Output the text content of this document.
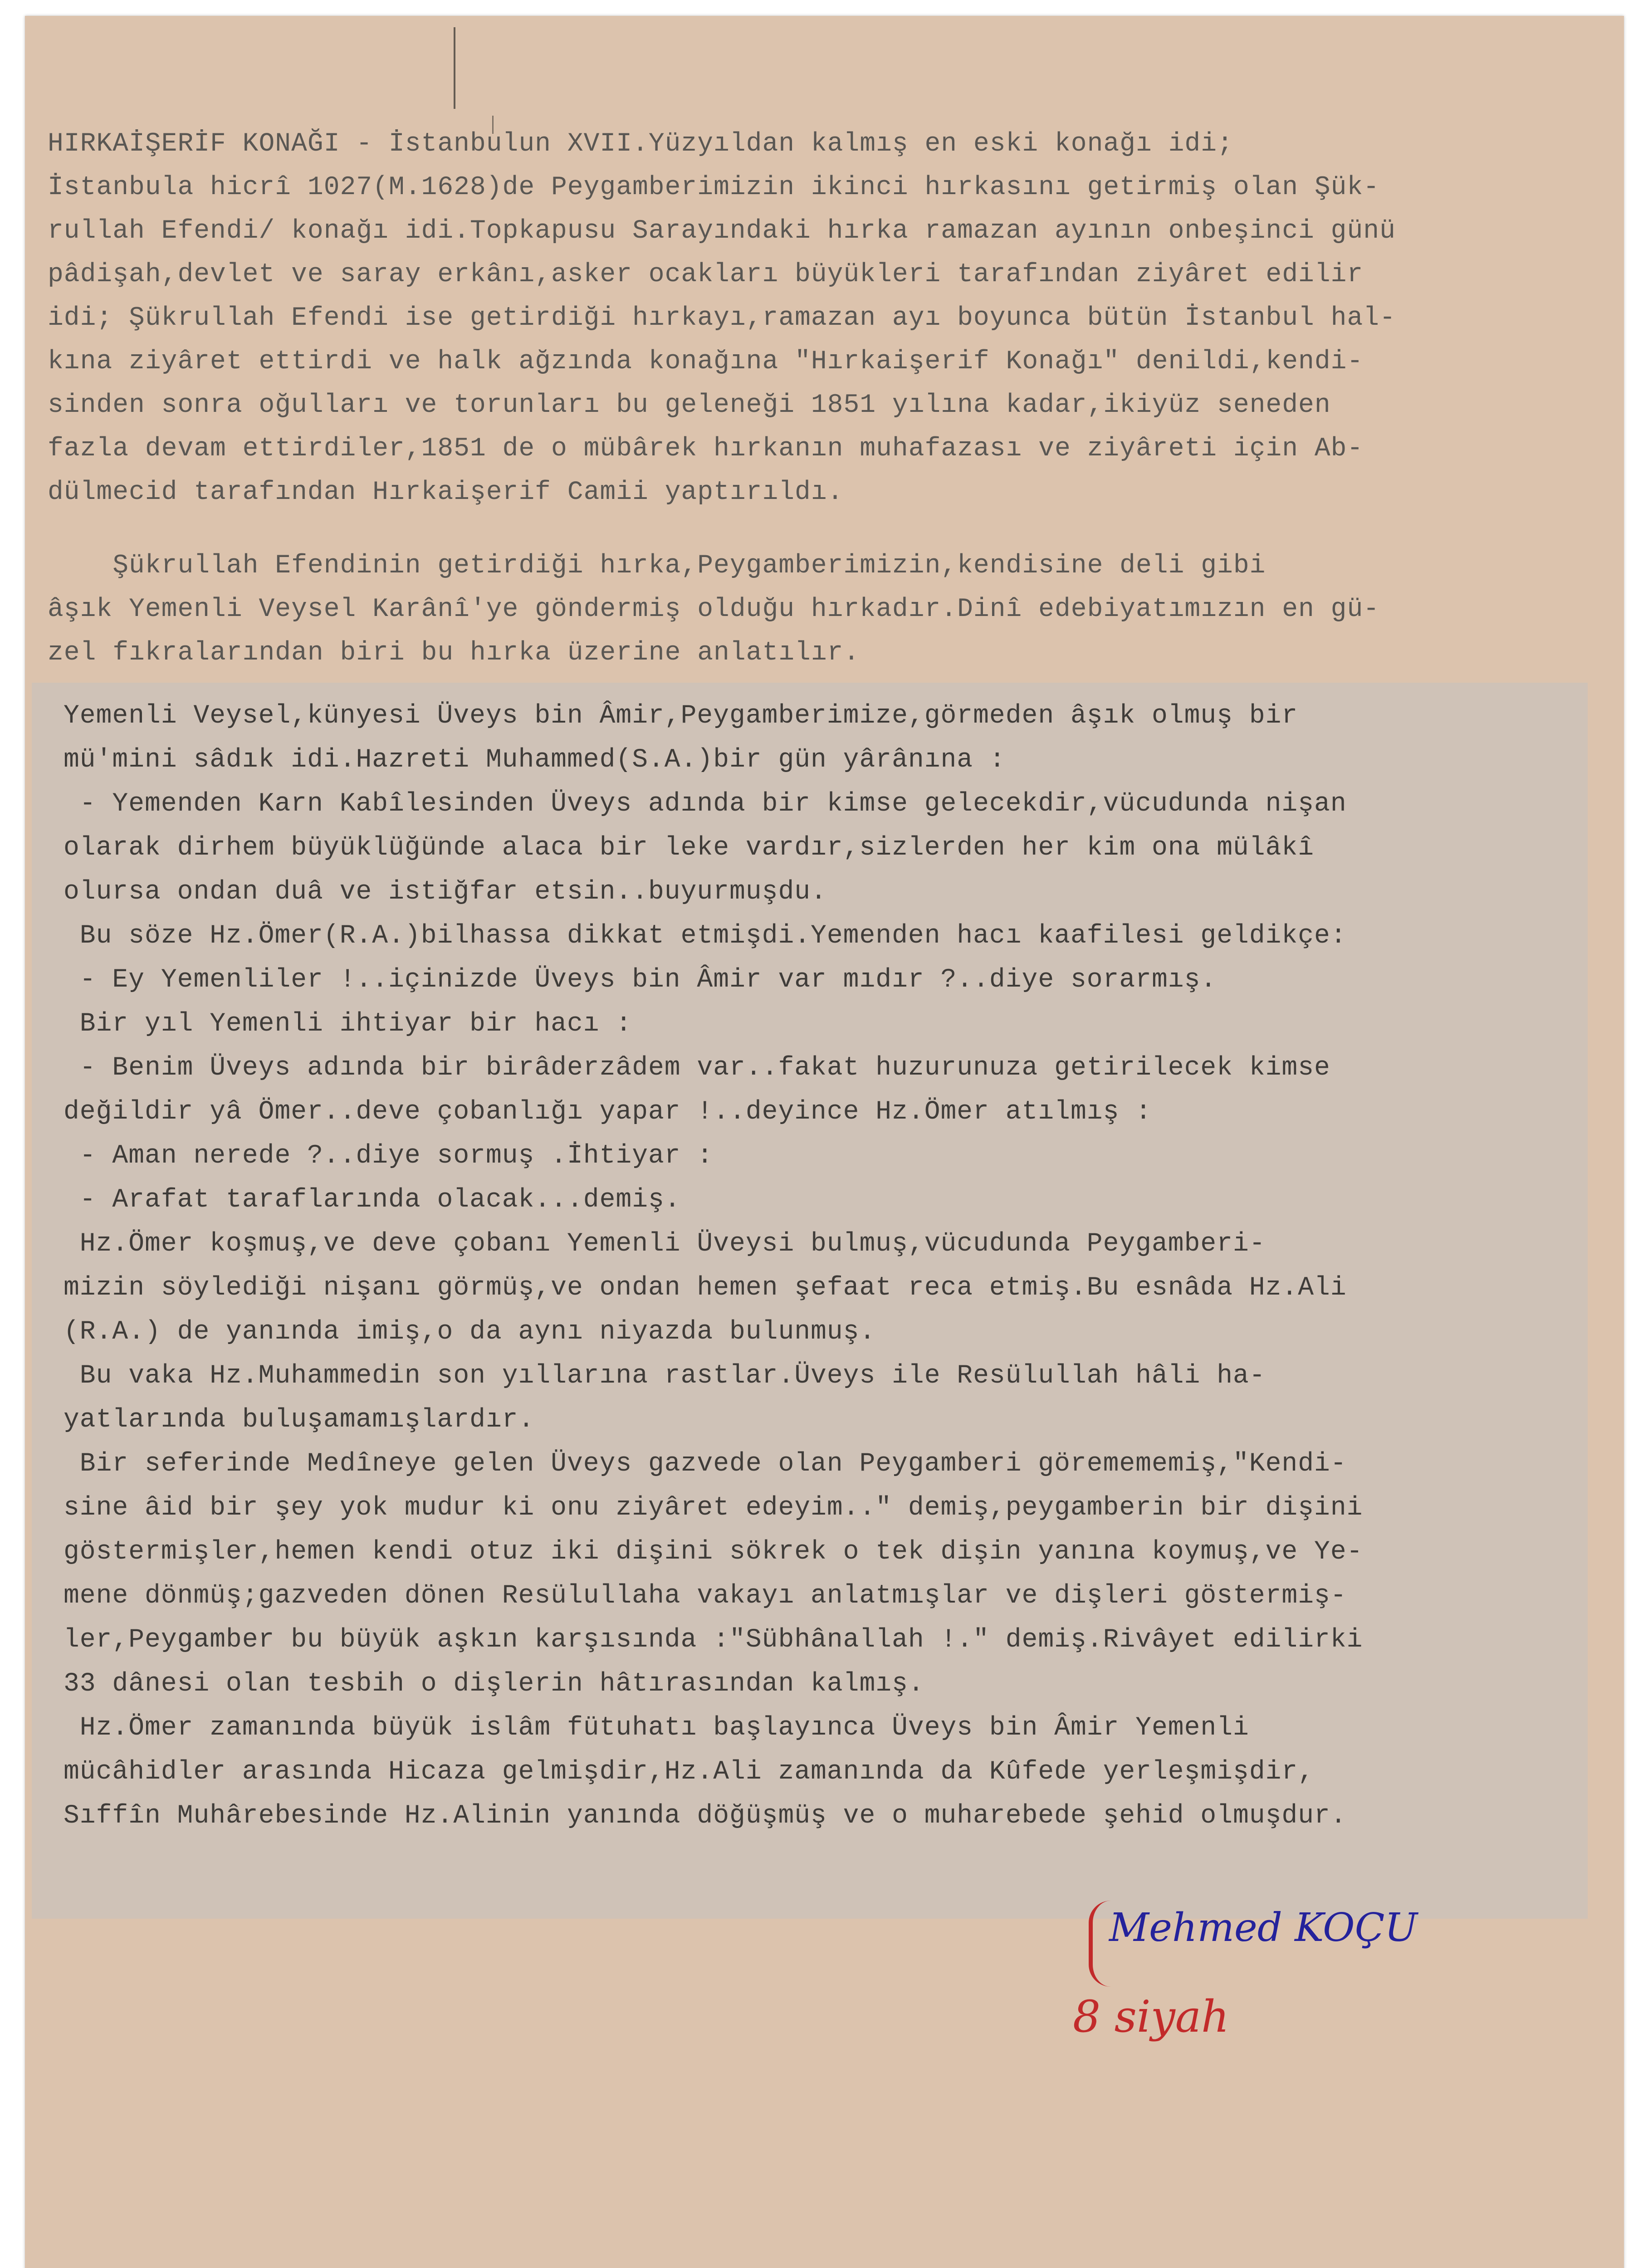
HIRKAİŞERİF KONAĞI - İstanbulun XVII.Yüzyıldan kalmış en eski konağı idi;
İstanbula hicrî 1027(M.1628)de Peygamberimizin ikinci hırkasını getirmiş olan Şük-
rullah Efendi/ konağı idi.Topkapusu Sarayındaki hırka ramazan ayının onbeşinci günü
pâdişah,devlet ve saray erkânı,asker ocakları büyükleri tarafından ziyâret edilir
idi; Şükrullah Efendi ise getirdiği hırkayı,ramazan ayı boyunca bütün İstanbul hal-
kına ziyâret ettirdi ve halk ağzında konağına "Hırkaişerif Konağı" denildi,kendi-
sinden sonra oğulları ve torunları bu geleneği 1851 yılına kadar,ikiyüz seneden
fazla devam ettirdiler,1851 de o mübârek hırkanın muhafazası ve ziyâreti için Ab-
dülmecid tarafından Hırkaişerif Camii yaptırıldı.
Şükrullah Efendinin getirdiği hırka,Peygamberimizin,kendisine deli gibi
âşık Yemenli Veysel Karânî'ye göndermiş olduğu hırkadır.Dinî edebiyatımızın en gü-
zel fıkralarından biri bu hırka üzerine anlatılır.
Yemenli Veysel,künyesi Üveys bin Âmir,Peygamberimize,görmeden âşık olmuş bir
mü'mini sâdık idi.Hazreti Muhammed(S.A.)bir gün yârânına :
- Yemenden Karn Kabîlesinden Üveys adında bir kimse gelecekdir,vücudunda nişan
olarak dirhem büyüklüğünde alaca bir leke vardır,sizlerden her kim ona mülâkî
olursa ondan duâ ve istiğfar etsin..buyurmuşdu.
Bu söze Hz.Ömer(R.A.)bilhassa dikkat etmişdi.Yemenden hacı kaafilesi geldikçe:
- Ey Yemenliler !..içinizde Üveys bin Âmir var mıdır ?..diye sorarmış.
Bir yıl Yemenli ihtiyar bir hacı :
- Benim Üveys adında bir birâderzâdem var..fakat huzurunuza getirilecek kimse
değildir yâ Ömer..deve çobanlığı yapar !..deyince Hz.Ömer atılmış :
- Aman nerede ?..diye sormuş .İhtiyar :
- Arafat taraflarında olacak...demiş.
Hz.Ömer koşmuş,ve deve çobanı Yemenli Üveysi bulmuş,vücudunda Peygamberi-
mizin söylediği nişanı görmüş,ve ondan hemen şefaat reca etmiş.Bu esnâda Hz.Ali
(R.A.) de yanında imiş,o da aynı niyazda bulunmuş.
Bu vaka Hz.Muhammedin son yıllarına rastlar.Üveys ile Resülullah hâli ha-
yatlarında buluşamamışlardır.
Bir seferinde Medîneye gelen Üveys gazvede olan Peygamberi göremememiş,"Kendi-
sine âid bir şey yok mudur ki onu ziyâret edeyim.." demiş,peygamberin bir dişini
göstermişler,hemen kendi otuz iki dişini sökrek o tek dişin yanına koymuş,ve Ye-
mene dönmüş;gazveden dönen Resülullaha vakayı anlatmışlar ve dişleri göstermiş-
ler,Peygamber bu büyük aşkın karşısında :"Sübhânallah !." demiş.Rivâyet edilirki
33 dânesi olan tesbih o dişlerin hâtırasından kalmış.
Hz.Ömer zamanında büyük islâm fütuhatı başlayınca Üveys bin Âmir Yemenli
mücâhidler arasında Hicaza gelmişdir,Hz.Ali zamanında da Kûfede yerleşmişdir,
Sıffîn Muhârebesinde Hz.Alinin yanında döğüşmüş ve o muharebede şehid olmuşdur.
Mehmed KOÇU
8 siyah
